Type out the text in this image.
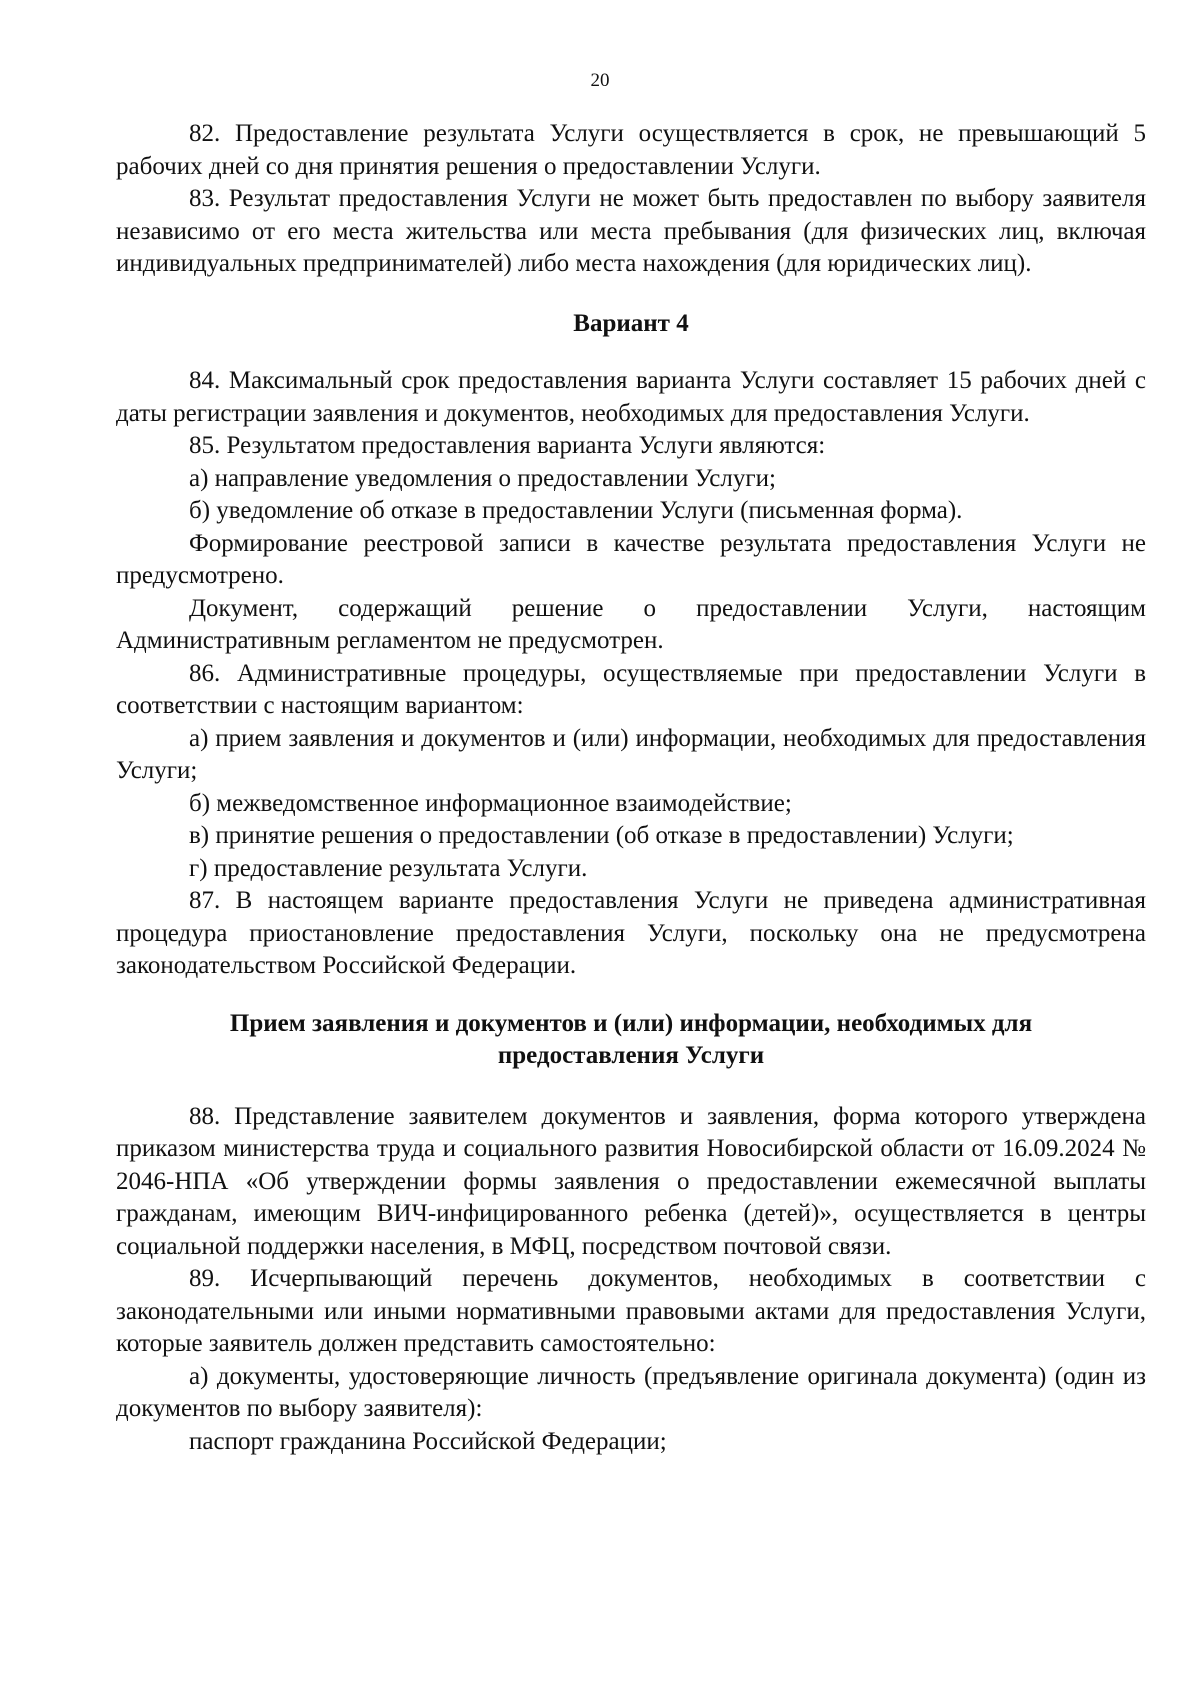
20

82. Предоставление результата Услуги осуществляется в срок, не превышающий 5 рабочих дней со дня принятия решения о предоставлении Услуги.

83. Результат предоставления Услуги не может быть предоставлен по выбору заявителя независимо от его места жительства или места пребывания (для физических лиц, включая индивидуальных предпринимателей) либо места нахождения (для юридических лиц).

Вариант 4

84. Максимальный срок предоставления варианта Услуги составляет 15 рабочих дней с даты регистрации заявления и документов, необходимых для предоставления Услуги.

85. Результатом предоставления варианта Услуги являются:

а) направление уведомления о предоставлении Услуги;

б) уведомление об отказе в предоставлении Услуги (письменная форма).

Формирование реестровой записи в качестве результата предоставления Услуги не предусмотрено.

Документ, содержащий решение о предоставлении Услуги, настоящим Административным регламентом не предусмотрен.

86. Административные процедуры, осуществляемые при предоставлении Услуги в соответствии с настоящим вариантом:

а) прием заявления и документов и (или) информации, необходимых для предоставления Услуги;

б) межведомственное информационное взаимодействие;

в) принятие решения о предоставлении (об отказе в предоставлении) Услуги;

г) предоставление результата Услуги.

87. В настоящем варианте предоставления Услуги не приведена административная процедура приостановление предоставления Услуги, поскольку она не предусмотрена законодательством Российской Федерации.

Прием заявления и документов и (или) информации, необходимых для предоставления Услуги

88. Представление заявителем документов и заявления, форма которого утверждена приказом министерства труда и социального развития Новосибирской области от 16.09.2024 № 2046-НПА «Об утверждении формы заявления о предоставлении ежемесячной выплаты гражданам, имеющим ВИЧ-инфицированного ребенка (детей)», осуществляется в центры социальной поддержки населения, в МФЦ, посредством почтовой связи.

89. Исчерпывающий перечень документов, необходимых в соответствии с законодательными или иными нормативными правовыми актами для предоставления Услуги, которые заявитель должен представить самостоятельно:

а) документы, удостоверяющие личность (предъявление оригинала документа) (один из документов по выбору заявителя):

паспорт гражданина Российской Федерации;
